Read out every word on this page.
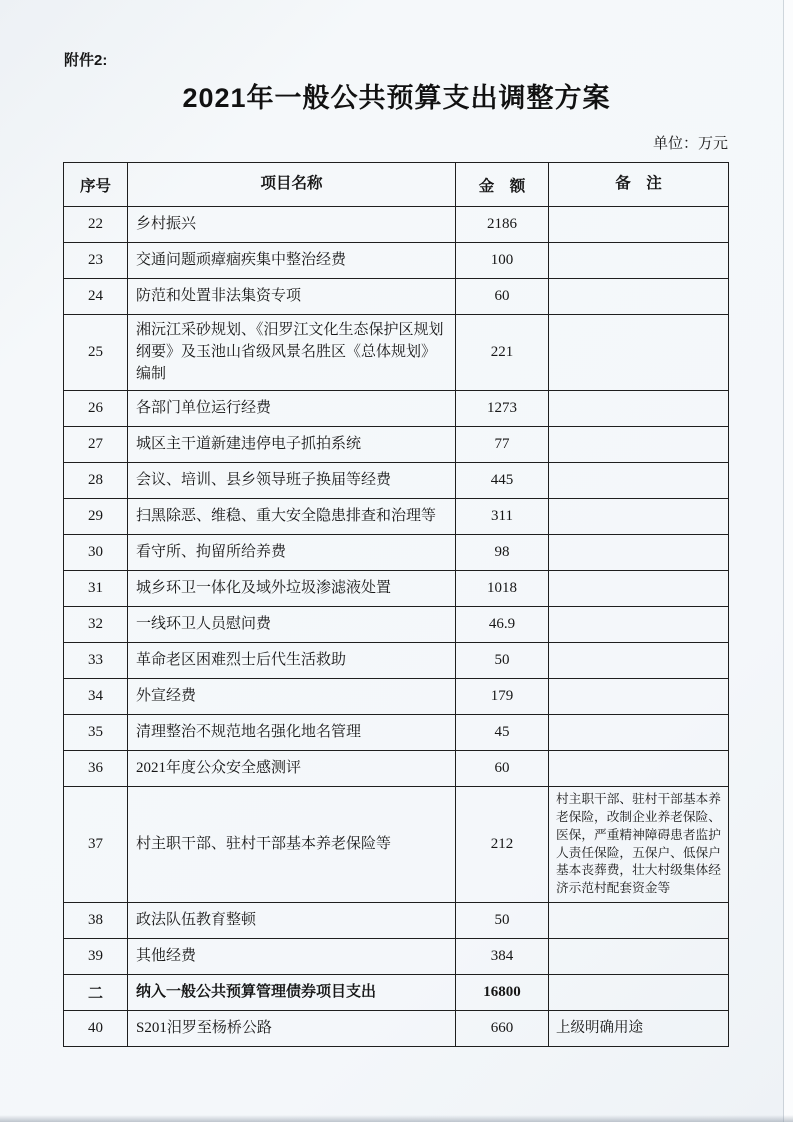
附件2:
2021年一般公共预算支出调整方案
单位：万元
序号	项目名称	金　额	备　注
22	乡村振兴	2186	
23	交通问题顽瘴痼疾集中整治经费	100	
24	防范和处置非法集资专项	60	
25	湘沅江采砂规划、《汨罗江文化生态保护区规划纲要》及玉池山省级风景名胜区《总体规划》编制	221	
26	各部门单位运行经费	1273	
27	城区主干道新建违停电子抓拍系统	77	
28	会议、培训、县乡领导班子换届等经费	445	
29	扫黑除恶、维稳、重大安全隐患排查和治理等	311	
30	看守所、拘留所给养费	98	
31	城乡环卫一体化及域外垃圾渗滤液处置	1018	
32	一线环卫人员慰问费	46.9	
33	革命老区困难烈士后代生活救助	50	
34	外宣经费	179	
35	清理整治不规范地名强化地名管理	45	
36	2021年度公众安全感测评	60	
37	村主职干部、驻村干部基本养老保险等	212	村主职干部、驻村干部基本养老保险，改制企业养老保险、医保，严重精神障碍患者监护人责任保险，五保户、低保户基本丧葬费，壮大村级集体经济示范村配套资金等
38	政法队伍教育整顿	50	
39	其他经费	384	
二	纳入一般公共预算管理债券项目支出	16800	
40	S201汨罗至杨桥公路	660	上级明确用途
